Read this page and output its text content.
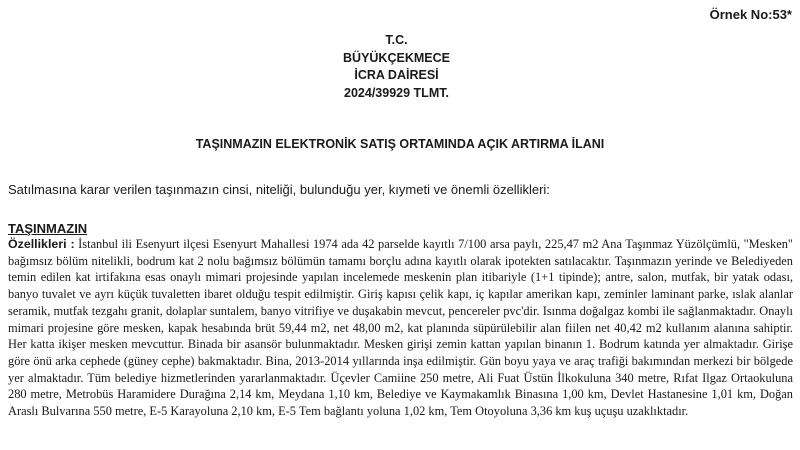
Örnek No:53*
T.C.
BÜYÜKÇEKMECE
İCRA DAİRESİ
2024/39929 TLMT.
TAŞINMAZIN ELEKTRONİK SATIŞ ORTAMINDA AÇIK ARTIRMA İLANI
Satılmasına karar verilen taşınmazın cinsi, niteliği, bulunduğu yer, kıymeti ve önemli özellikleri:
TAŞINMAZIN
Özellikleri : İstanbul ili Esenyurt ilçesi Esenyurt Mahallesi 1974 ada 42 parselde kayıtlı 7/100 arsa paylı, 225,47 m2 Ana Taşınmaz Yüzölçümlü, "Mesken" bağımsız bölüm nitelikli, bodrum kat 2 nolu bağımsız bölümün tamamı borçlu adına kayıtlı olarak ipotekten satılacaktır. Taşınmazın yerinde ve Belediyeden temin edilen kat irtifakına esas onaylı mimari projesinde yapılan incelemede meskenin plan itibariyle (1+1 tipinde); antre, salon, mutfak, bir yatak odası, banyo tuvalet ve ayrı küçük tuvaletten ibaret olduğu tespit edilmiştir. Giriş kapısı çelik kapı, iç kapılar amerikan kapı, zeminler laminant parke, ıslak alanlar seramik, mutfak tezgahı granit, dolaplar suntalem, banyo vitrifiye ve duşakabin mevcut, pencereler pvc'dir. Isınma doğalgaz kombi ile sağlanmaktadır. Onaylı mimari projesine göre mesken, kapak hesabında brüt 59,44 m2, net 48,00 m2, kat planında süpürülebilir alan fiilen net 40,42 m2 kullanım alanına sahiptir. Her katta ikişer mesken mevcuttur. Binada bir asansör bulunmaktadır. Mesken girişi zemin kattan yapılan binanın 1. Bodrum katında yer almaktadır. Girişe göre önü arka cephede (güney cephe) bakmaktadır. Bina, 2013-2014 yıllarında inşa edilmiştir. Gün boyu yaya ve araç trafiği bakımından merkezi bir bölgede yer almaktadır. Tüm belediye hizmetlerinden yararlanmaktadır. Üçevler Camiine 250 metre, Ali Fuat Üstün İlkokuluna 340 metre, Rıfat Ilgaz Ortaokuluna 280 metre, Metrobüs Haramidere Durağına 2,14 km, Meydana 1,10 km, Belediye ve Kaymakamlık Binasına 1,00 km, Devlet Hastanesine 1,01 km, Doğan Araslı Bulvarına 550 metre, E-5 Karayoluna 2,10 km, E-5 Tem bağlantı yoluna 1,02 km, Tem Otoyoluna 3,36 km kuş uçuşu uzaklıktadır.
